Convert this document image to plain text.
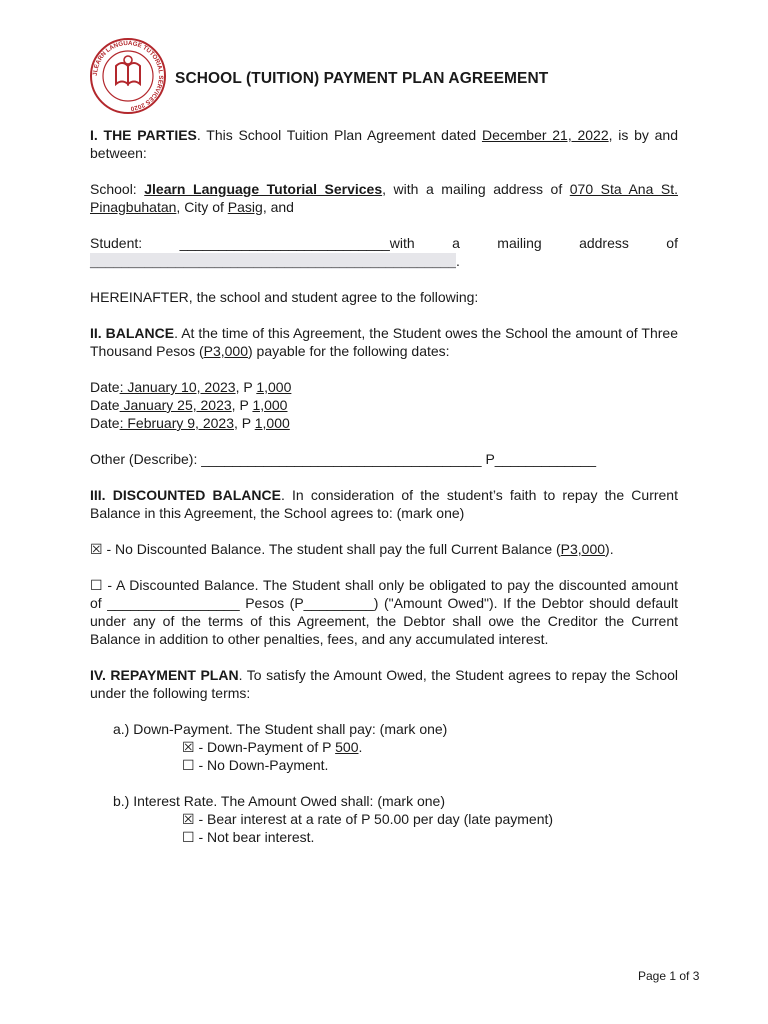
JLEARN LANGUAGE TUTORIAL SERVICES 2020
SCHOOL (TUITION) PAYMENT PLAN AGREEMENT

I. THE PARTIES. This School Tuition Plan Agreement dated December 21, 2022, is by and between:

School: Jlearn Language Tutorial Services, with a mailing address of 070 Sta Ana St. Pinagbuhatan, City of Pasig, and

Student:	___________________________with	a	mailing	address	of
_______________________________________________.

HEREINAFTER, the school and student agree to the following:

II. BALANCE. At the time of this Agreement, the Student owes the School the amount of Three Thousand Pesos (P3,000) payable for the following dates:

Date: January 10, 2023, P 1,000
Date January 25, 2023, P 1,000
Date: February 9, 2023, P 1,000

Other (Describe): ____________________________________ P_____________

III. DISCOUNTED BALANCE. In consideration of the student’s faith to repay the Current Balance in this Agreement, the School agrees to: (mark one)

☒ - No Discounted Balance. The student shall pay the full Current Balance (P3,000).

☐ - A Discounted Balance. The Student shall only be obligated to pay the discounted amount of _________________ Pesos (P_________) ("Amount Owed"). If the Debtor should default under any of the terms of this Agreement, the Debtor shall owe the Creditor the Current Balance in addition to other penalties, fees, and any accumulated interest.

IV. REPAYMENT PLAN. To satisfy the Amount Owed, the Student agrees to repay the School under the following terms:

a.) Down-Payment. The Student shall pay: (mark one)
☒ - Down-Payment of P 500.
☐ - No Down-Payment.
b.) Interest Rate. The Amount Owed shall: (mark one)
☒ - Bear interest at a rate of P 50.00 per day (late payment)
☐ - Not bear interest.
Page 1 of 3
